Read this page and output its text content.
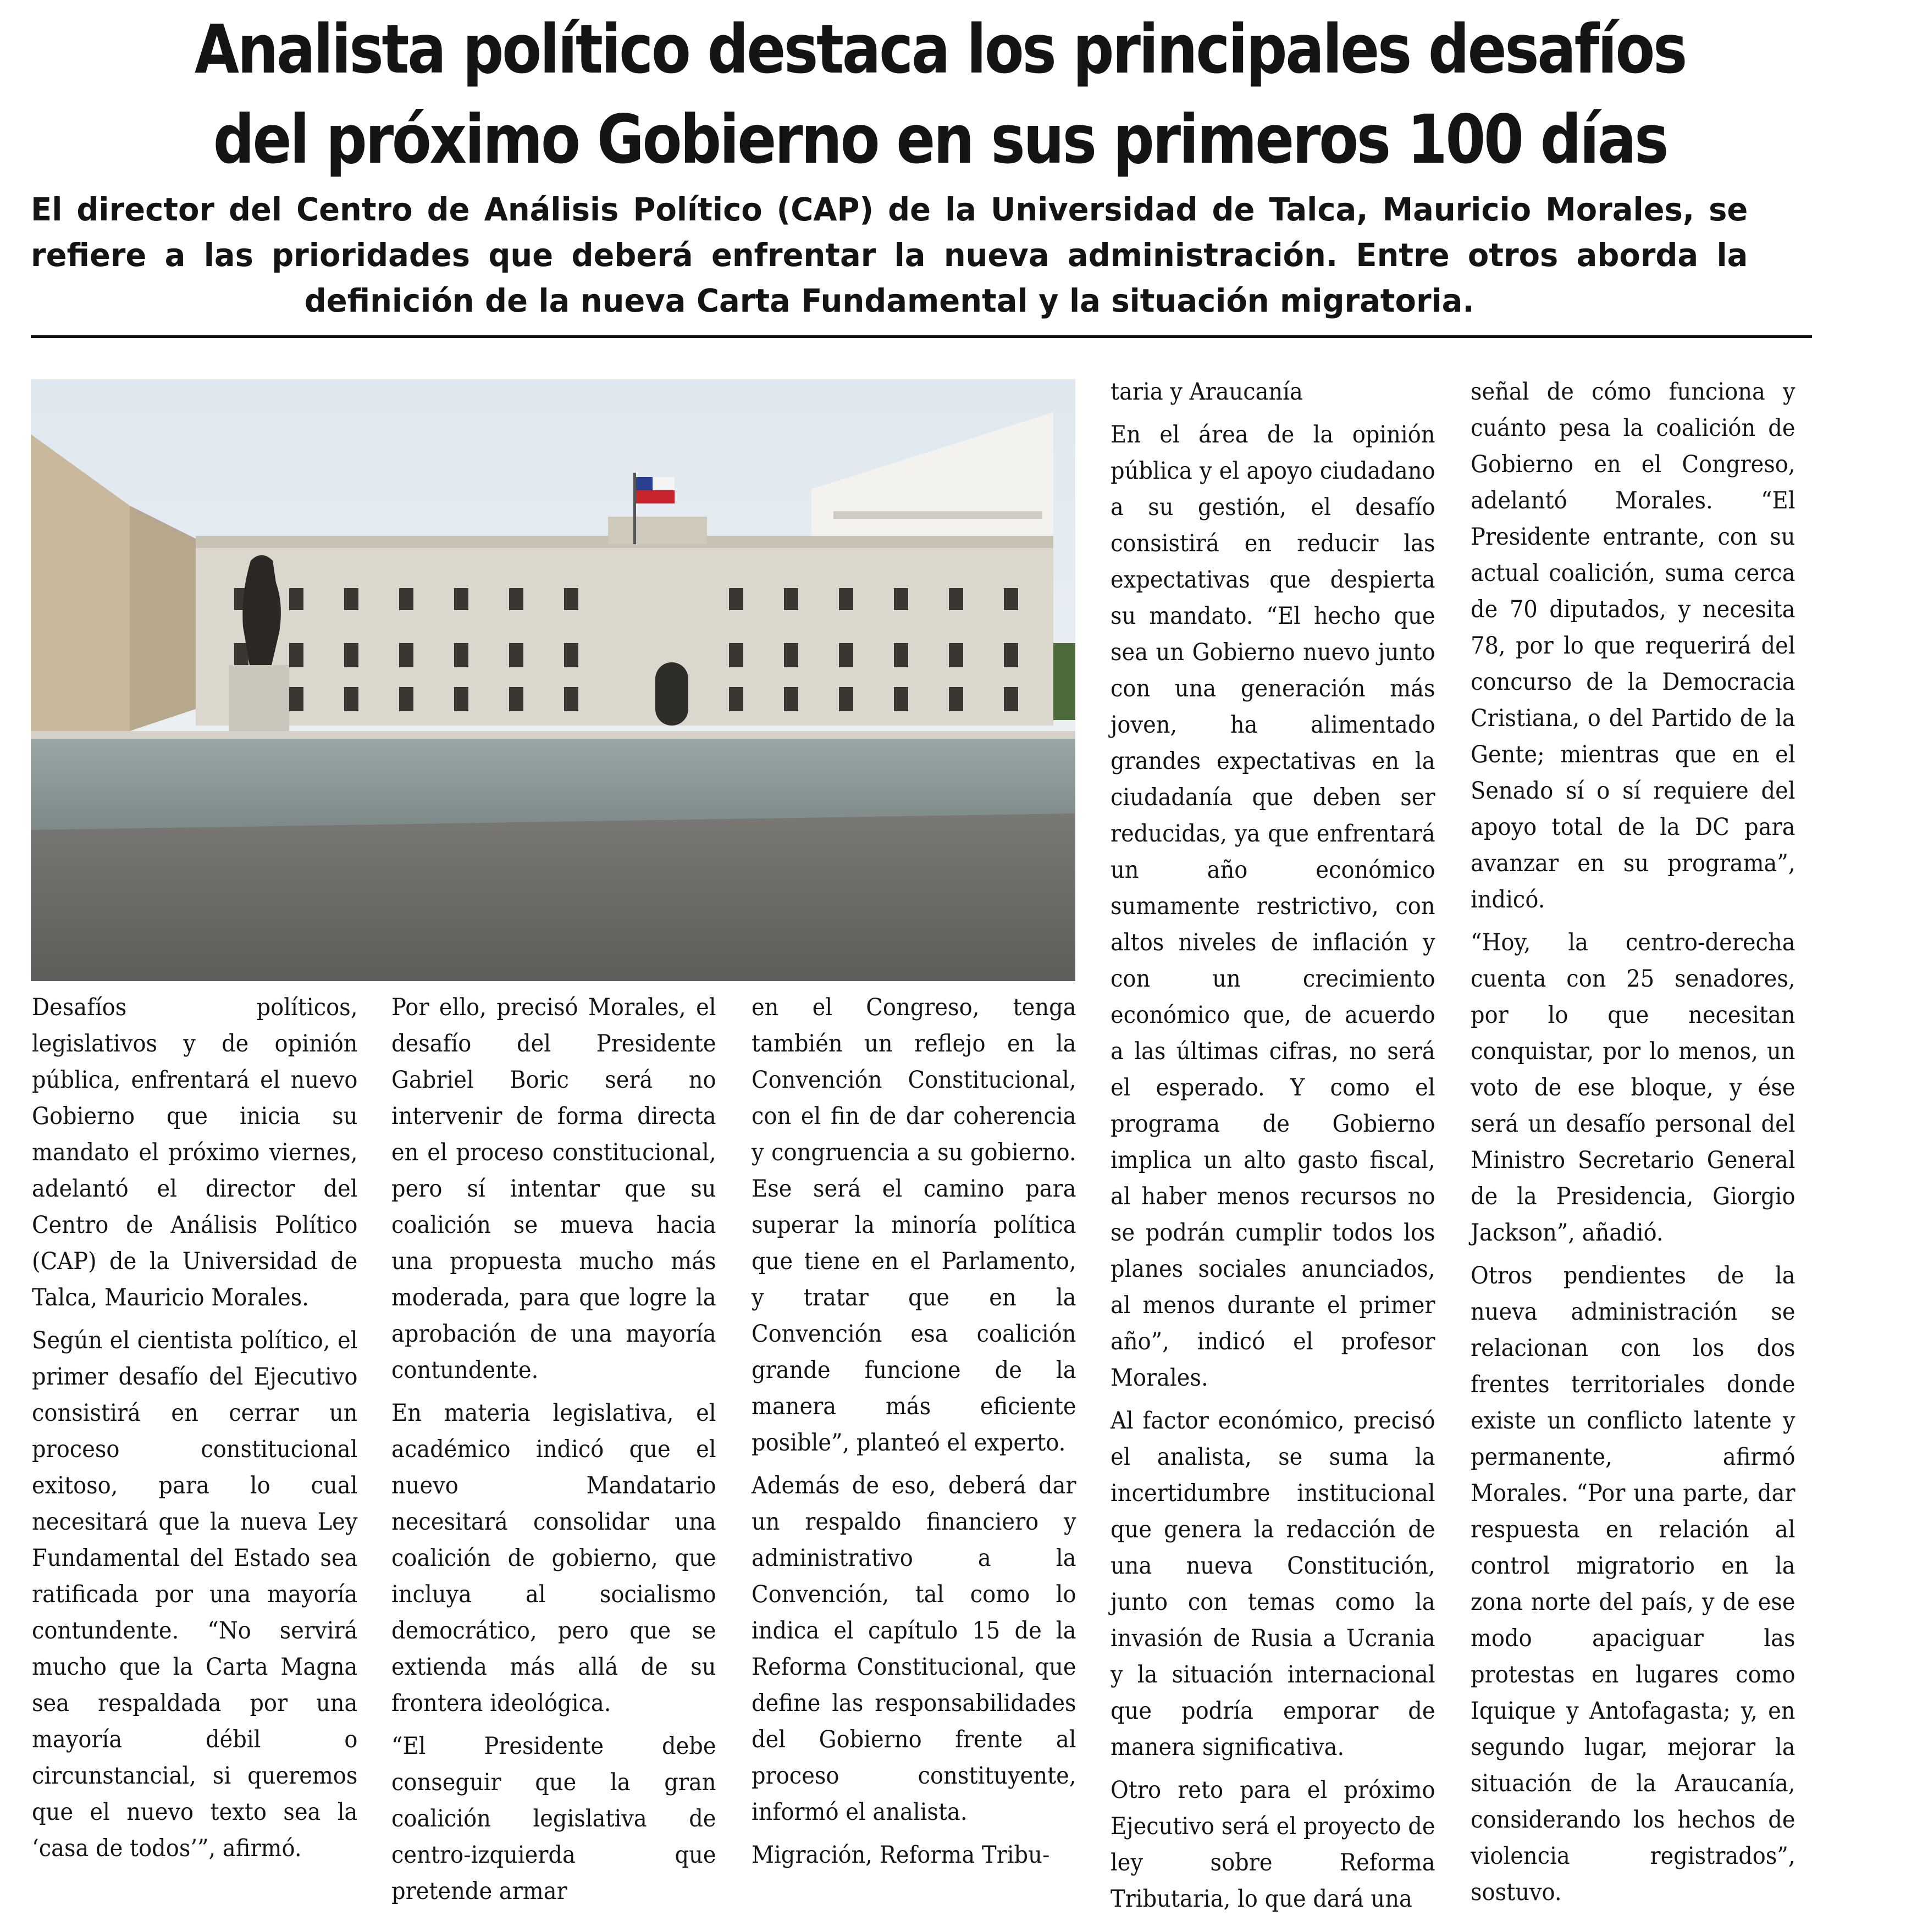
Analista político destaca los principales desafíos
del próximo Gobierno en sus primeros 100 días

El director del Centro de Análisis Político (CAP) de la Universidad de Talca, Mauricio Morales, se refiere a las prioridades que deberá enfrentar la nueva administración. Entre otros aborda la definición de la nueva Carta Fundamental y la situación migratoria.

Desafíos políticos, legislativos y de opinión pública, enfrentará el nuevo Gobierno que inicia su mandato el próximo viernes, adelantó el director del Centro de Análisis Político (CAP) de la Universidad de Talca, Mauricio Morales.

Según el cientista político, el primer desafío del Ejecutivo consistirá en cerrar un proceso constitucional exitoso, para lo cual necesitará que la nueva Ley Fundamental del Estado sea ratificada por una mayoría contundente. “No servirá mucho que la Carta Magna sea respaldada por una mayoría débil o circunstancial, si queremos que el nuevo texto sea la ‘casa de todos’”, afirmó.

Por ello, precisó Morales, el desafío del Presidente Gabriel Boric será no intervenir de forma directa en el proceso constitucional, pero sí intentar que su coalición se mueva hacia una propuesta mucho más moderada, para que logre la aprobación de una mayoría contundente.

En materia legislativa, el académico indicó que el nuevo Mandatario necesitará consolidar una coalición de gobierno, que incluya al socialismo democrático, pero que se extienda más allá de su frontera ideológica.

“El Presidente debe conseguir que la gran coalición legislativa de centro-izquierda que pretende armar

en el Congreso, tenga también un reflejo en la Convención Constitucional, con el fin de dar coherencia y congruencia a su gobierno. Ese será el camino para superar la minoría política que tiene en el Parlamento, y tratar que en la Convención esa coalición grande funcione de la manera más eficiente posible”, planteó el experto.

Además de eso, deberá dar un respaldo financiero y administrativo a la Convención, tal como lo indica el capítulo 15 de la Reforma Constitucional, que define las responsabilidades del Gobierno frente al proceso constituyente, informó el analista.

Migración, Reforma Tribu-

taria y Araucanía

En el área de la opinión pública y el apoyo ciudadano a su gestión, el desafío consistirá en reducir las expectativas que despierta su mandato. “El hecho que sea un Gobierno nuevo junto con una generación más joven, ha alimentado grandes expectativas en la ciudadanía que deben ser reducidas, ya que enfrentará un año económico sumamente restrictivo, con altos niveles de inflación y con un crecimiento económico que, de acuerdo a las últimas cifras, no será el esperado. Y como el programa de Gobierno implica un alto gasto fiscal, al haber menos recursos no se podrán cumplir todos los planes sociales anunciados, al menos durante el primer año”, indicó el profesor Morales.

Al factor económico, precisó el analista, se suma la incertidumbre institucional que genera la redacción de una nueva Constitución, junto con temas como la invasión de Rusia a Ucrania y la situación internacional que podría emporar de manera significativa.

Otro reto para el próximo Ejecutivo será el proyecto de ley sobre Reforma Tributaria, lo que dará una

señal de cómo funciona y cuánto pesa la coalición de Gobierno en el Congreso, adelantó Morales. “El Presidente entrante, con su actual coalición, suma cerca de 70 diputados, y necesita 78, por lo que requerirá del concurso de la Democracia Cristiana, o del Partido de la Gente; mientras que en el Senado sí o sí requiere del apoyo total de la DC para avanzar en su programa”, indicó.

“Hoy, la centro-derecha cuenta con 25 senadores, por lo que necesitan conquistar, por lo menos, un voto de ese bloque, y ése será un desafío personal del Ministro Secretario General de la Presidencia, Giorgio Jackson”, añadió.

Otros pendientes de la nueva administración se relacionan con los dos frentes territoriales donde existe un conflicto latente y permanente, afirmó Morales. “Por una parte, dar respuesta en relación al control migratorio en la zona norte del país, y de ese modo apaciguar las protestas en lugares como Iquique y Antofagasta; y, en segundo lugar, mejorar la situación de la Araucanía, considerando los hechos de violencia registrados”, sostuvo.
